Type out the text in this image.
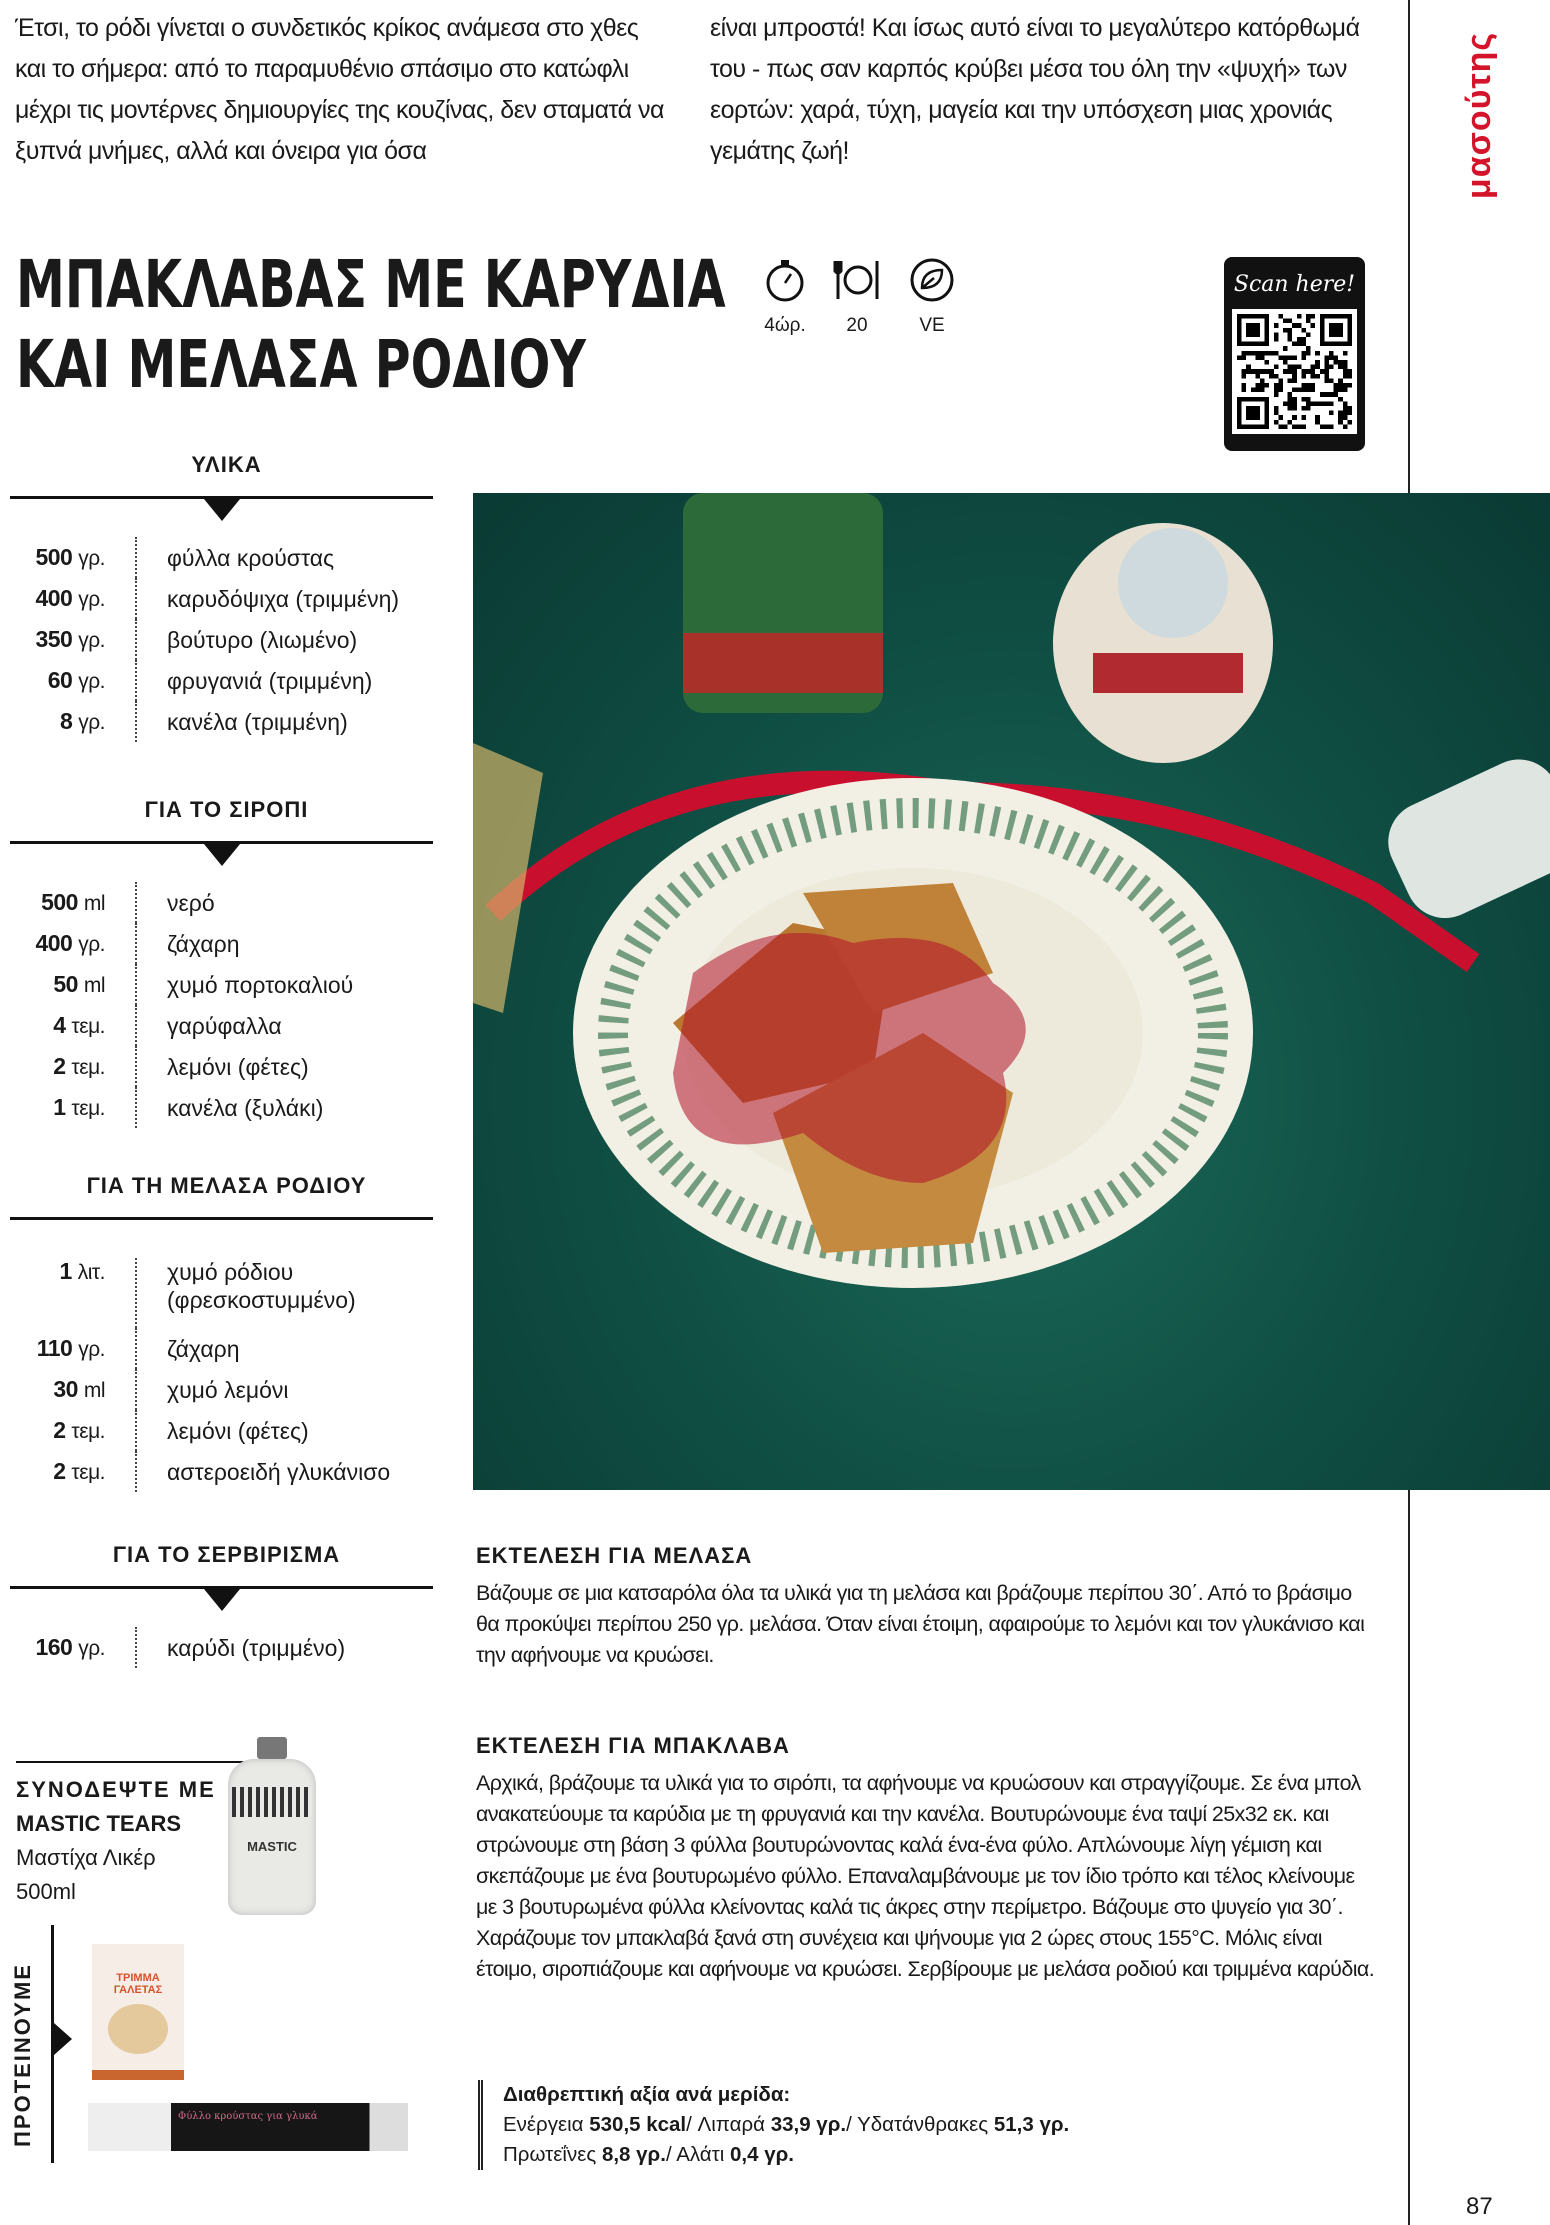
Έτσι, το ρόδι γίνεται ο συνδετικός κρίκος ανάμεσα στο χθες και το σήμερα: από το παραμυθένιο σπάσιμο στο κατώφλι μέχρι τις μοντέρνες δημιουργίες της κουζίνας, δεν σταματά να ξυπνά μνήμες, αλλά και όνειρα για όσα
είναι μπροστά! Και ίσως αυτό είναι το μεγαλύτερο κατόρθωμά του - πως σαν καρπός κρύβει μέσα του όλη την «ψυχή» των εορτών: χαρά, τύχη, μαγεία και την υπόσχεση μιας χρονιάς γεμάτης ζωή!	μασούτης
ΜΠΑΚΛΑΒΑΣ ΜΕ ΚΑΡΥΔΙΑ
ΚΑΙ ΜΕΛΑΣΑ ΡΟΔΙΟΥ
4ώρ. 20	VE
Scan here!
ΥΛΙΚΑ
500 γρ.	φύλλα κρούστας
400 γρ.	καρυδόψιχα (τριμμένη)
350 γρ.	βούτυρο (λιωμένο)
60 γρ.	φρυγανιά (τριμμένη)
8 γρ.	κανέλα (τριμμένη)
ΓΙΑ ΤΟ ΣΙΡΟΠΙ
500 ml	νερό
400 γρ.	ζάχαρη
50 ml	χυμό πορτοκαλιού
4 τεμ.	γαρύφαλλα
2 τεμ.	λεμόνι (φέτες)
1 τεμ.	κανέλα (ξυλάκι)
ΓΙΑ ΤΗ ΜΕΛΑΣΑ ΡΟΔΙΟΥ
1 λιτ.	χυμό ρόδιου (φρεσκοστυμμένο)
110 γρ.	ζάχαρη
30 ml	χυμό λεμόνι
2 τεμ.	λεμόνι (φέτες)
2 τεμ.	αστεροειδή γλυκάνισο
ΓΙΑ ΤΟ ΣΕΡΒΙΡΙΣΜΑ
160 γρ.	καρύδι (τριμμένο)
ΕΚΤΕΛΕΣΗ ΓΙΑ ΜΕΛΑΣΑ
Βάζουμε σε μια κατσαρόλα όλα τα υλικά για τη μελάσα και βράζουμε περίπου 30΄. Από το βράσιμο θα προκύψει περίπου 250 γρ. μελάσα. Όταν είναι έτοιμη, αφαιρούμε το λεμόνι και τον γλυκάνισο και την αφήνουμε να κρυώσει.
ΕΚΤΕΛΕΣΗ ΓΙΑ ΜΠΑΚΛΑΒΑ
Αρχικά, βράζουμε τα υλικά για το σιρόπι, τα αφήνουμε να κρυώσουν και στραγγίζουμε. Σε ένα μπολ ανακατεύουμε τα καρύδια με τη φρυγανιά και την κανέλα. Βουτυρώνουμε ένα ταψί 25x32 εκ. και στρώνουμε στη βάση 3 φύλλα βουτυρώνοντας καλά ένα-ένα φύλο. Απλώνουμε λίγη γέμιση και σκεπάζουμε με ένα βουτυρωμένο φύλλο. Επαναλαμβάνουμε με τον ίδιο τρόπο και τέλος κλείνουμε με 3 βουτυρωμένα φύλλα κλείνοντας καλά τις άκρες στην περίμετρο. Βάζουμε στο ψυγείο για 30΄. Χαράζουμε τον μπακλαβά ξανά στη συνέχεια και ψήνουμε για 2 ώρες στους 155°C. Μόλις είναι έτοιμο, σιροπιάζουμε και αφήνουμε να κρυώσει. Σερβίρουμε με μελάσα ροδιού και τριμμένα καρύδια.
Διαθρεπτική αξία ανά μερίδα:
Ενέργεια 530,5 kcal/ Λιπαρά 33,9 γρ./ Υδατάνθρακες 51,3 γρ.
Πρωτεΐνες 8,8 γρ./ Αλάτι 0,4 γρ.
ΣΥΝΟΔΕΨΤΕ ΜΕ
MASTIC TEARS
Μαστίχα Λικέρ
500ml
MASTIC
ΠΡΟΤΕΙΝΟΥΜΕ	ΤΡΙΜΜΑ ΓΑΛΕΤΑΣ
Φύλλο κρούστας για γλυκά
87
